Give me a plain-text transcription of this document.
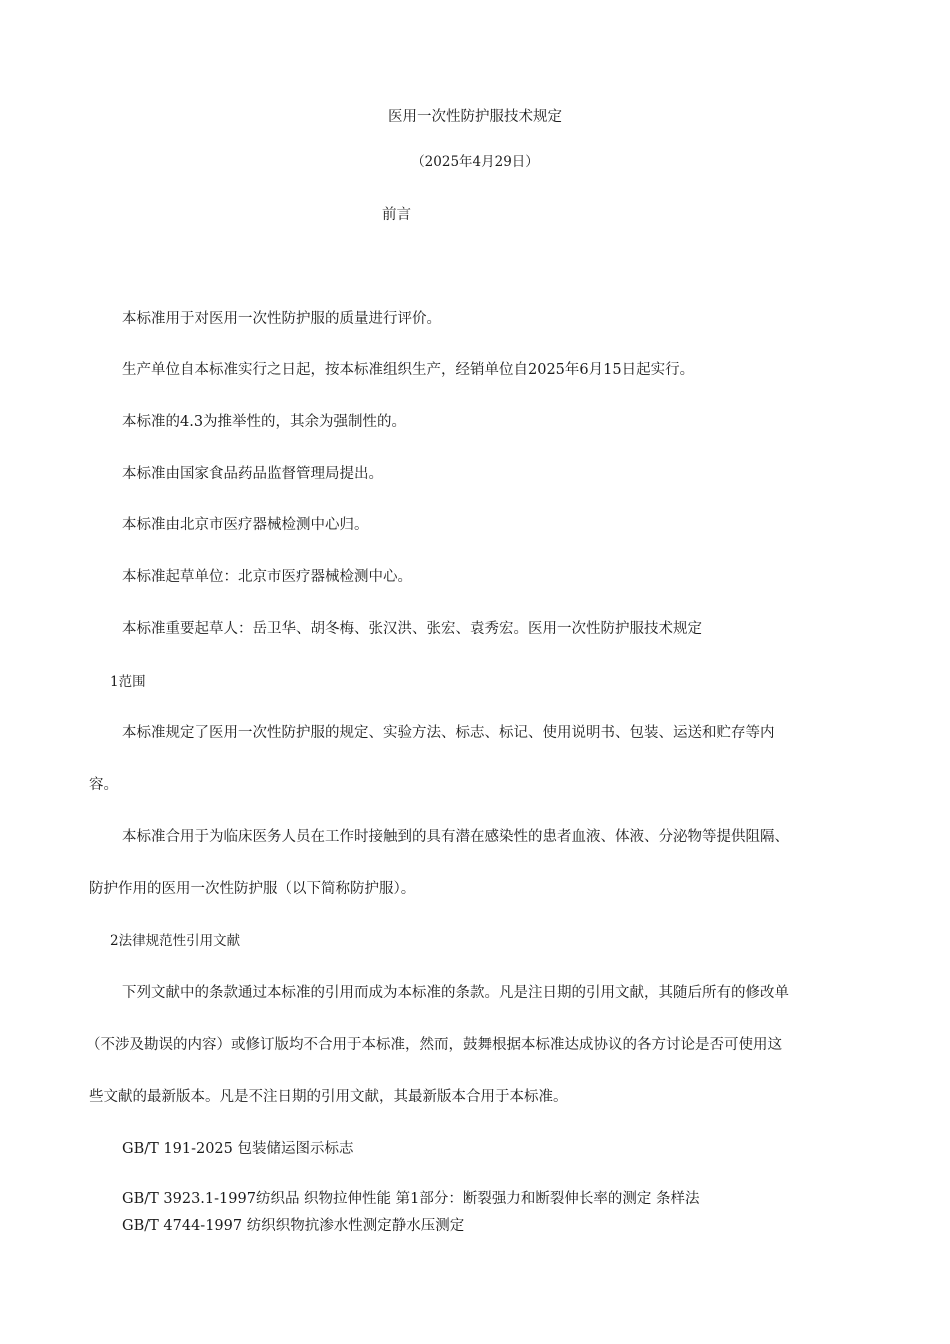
医用一次性防护服技术规定
（2025年4月29日）
前言
本标准用于对医用一次性防护服的质量进行评价。
生产单位自本标准实行之日起，按本标准组织生产，经销单位自2025年6月15日起实行。
本标准的4.3为推举性的，其余为强制性的。
本标准由国家食品药品监督管理局提出。
本标准由北京市医疗器械检测中心归。
本标准起草单位：北京市医疗器械检测中心。
本标准重要起草人：岳卫华、胡冬梅、张汉洪、张宏、袁秀宏。医用一次性防护服技术规定
1范围
本标准规定了医用一次性防护服的规定、实验方法、标志、标记、使用说明书、包装、运送和贮存等内
容。
本标准合用于为临床医务人员在工作时接触到的具有潜在感染性的患者血液、体液、分泌物等提供阻隔、
防护作用的医用一次性防护服（以下简称防护服）。
2法律规范性引用文献
下列文献中的条款通过本标准的引用而成为本标准的条款。凡是注日期的引用文献，其随后所有的修改单
（不涉及勘误的内容）或修订版均不合用于本标准，然而，鼓舞根据本标准达成协议的各方讨论是否可使用这
些文献的最新版本。凡是不注日期的引用文献，其最新版本合用于本标准。
GB/T 191-2025 包装储运图示标志
GB/T 3923.1-1997纺织品 织物拉伸性能 第1部分：断裂强力和断裂伸长率的测定 条样法
GB/T 4744-1997 纺织织物抗渗水性测定静水压测定
